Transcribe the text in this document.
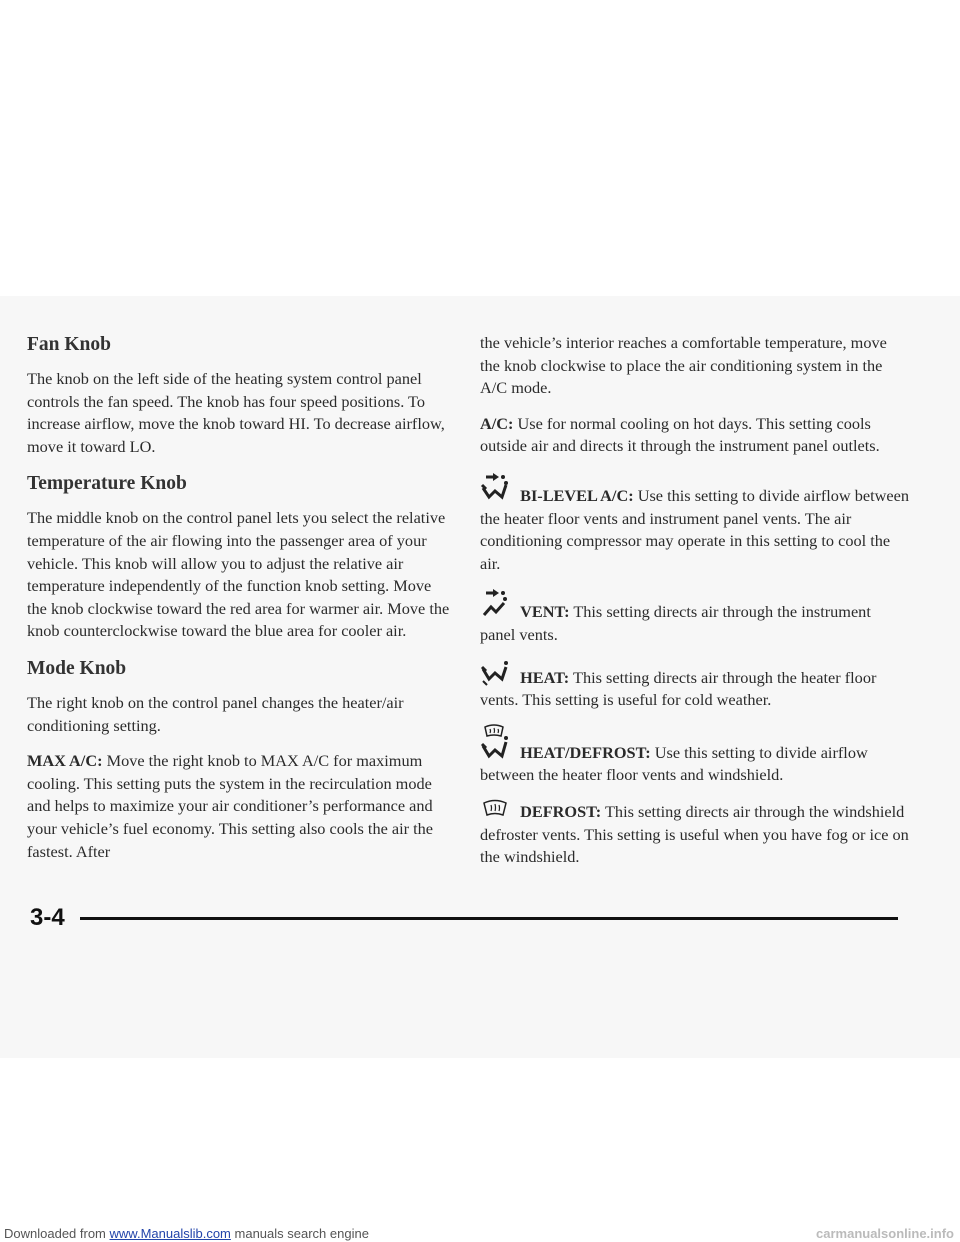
Fan Knob

The knob on the left side of the heating system control panel controls the fan speed. The knob has four speed positions. To increase airflow, move the knob toward HI. To decrease airflow, move it toward LO.

Temperature Knob

The middle knob on the control panel lets you select the relative temperature of the air flowing into the passenger area of your vehicle. This knob will allow you to adjust the relative air temperature independently of the function knob setting. Move the knob clockwise toward the red area for warmer air. Move the knob counterclockwise toward the blue area for cooler air.

Mode Knob

The right knob on the control panel changes the heater/air conditioning setting.

MAX A/C: Move the right knob to MAX A/C for maximum cooling. This setting puts the system in the recirculation mode and helps to maximize your air conditioner’s performance and your vehicle’s fuel economy. This setting also cools the air the fastest. After

the vehicle’s interior reaches a comfortable temperature, move the knob clockwise to place the air conditioning system in the A/C mode.

A/C: Use for normal cooling on hot days. This setting cools outside air and directs it through the instrument panel outlets.

BI-LEVEL A/C: Use this setting to divide airflow between the heater floor vents and instrument panel vents. The air conditioning compressor may operate in this setting to cool the air.

VENT: This setting directs air through the instrument panel vents.

HEAT: This setting directs air through the heater floor vents. This setting is useful for cold weather.

HEAT/DEFROST: Use this setting to divide airflow between the heater floor vents and windshield.

DEFROST: This setting directs air through the windshield defroster vents. This setting is useful when you have fog or ice on the windshield.

3-4
Downloaded from www.Manualslib.com manuals search engine	carmanualsonline.info
